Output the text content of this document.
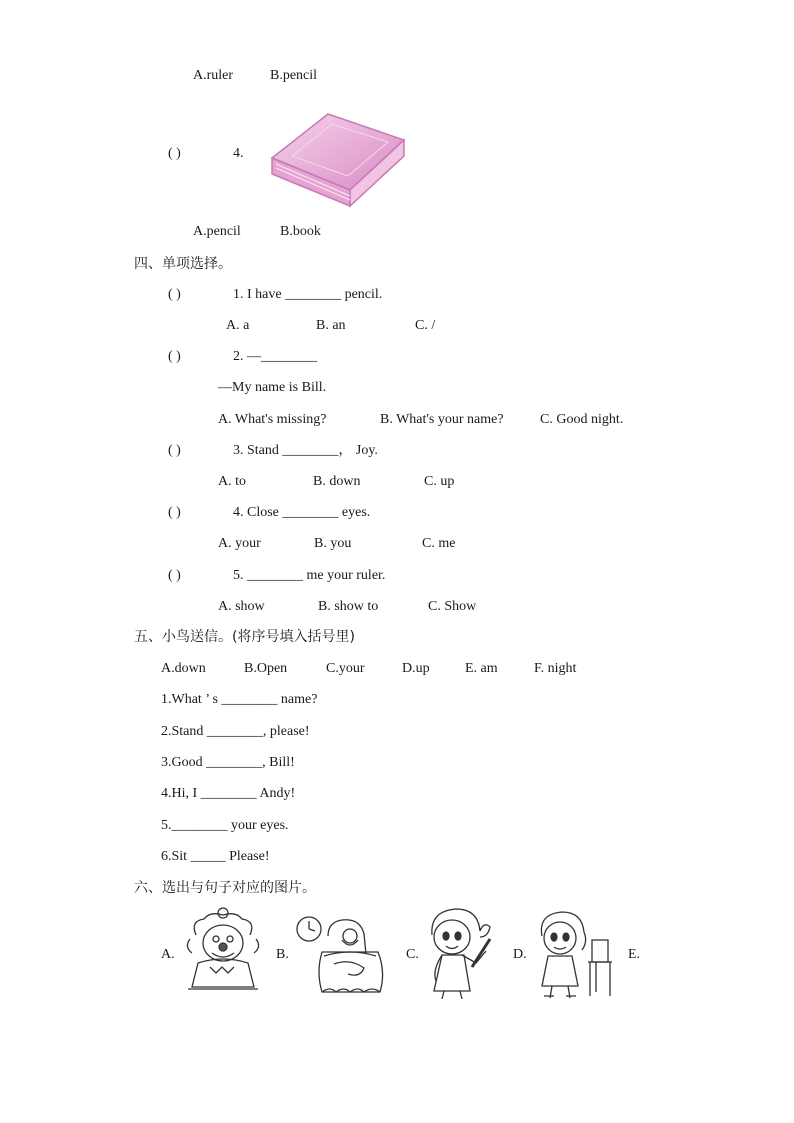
A.ruler	B.pencil
( )	4.
A.pencil	B.book
四、单项选择。
( )	1. I have ________ pencil.
A. a	B. an	C. /
( )	2. —________
—My name is Bill.
A. What's missing?	B. What's your name?	C. Good night.
( )	3. Stand ________， Joy.
A. to	B. down	C. up
( )	4. Close ________ eyes.
A. your	B. you	C. me
( )	5. ________ me your ruler.
A. show	B. show to	C. Show
五、小鸟送信。(将序号填入括号里)
A.down	B.Open	C.your	D.up	E. am	F. night
1.What ’ s ________ name?
2.Stand ________, please!
3.Good ________, Bill!
4.Hi, I ________ Andy!
5.________ your eyes.
6.Sit _____ Please!
六、选出与句子对应的图片。
A.	B.	C.	D.	E.
